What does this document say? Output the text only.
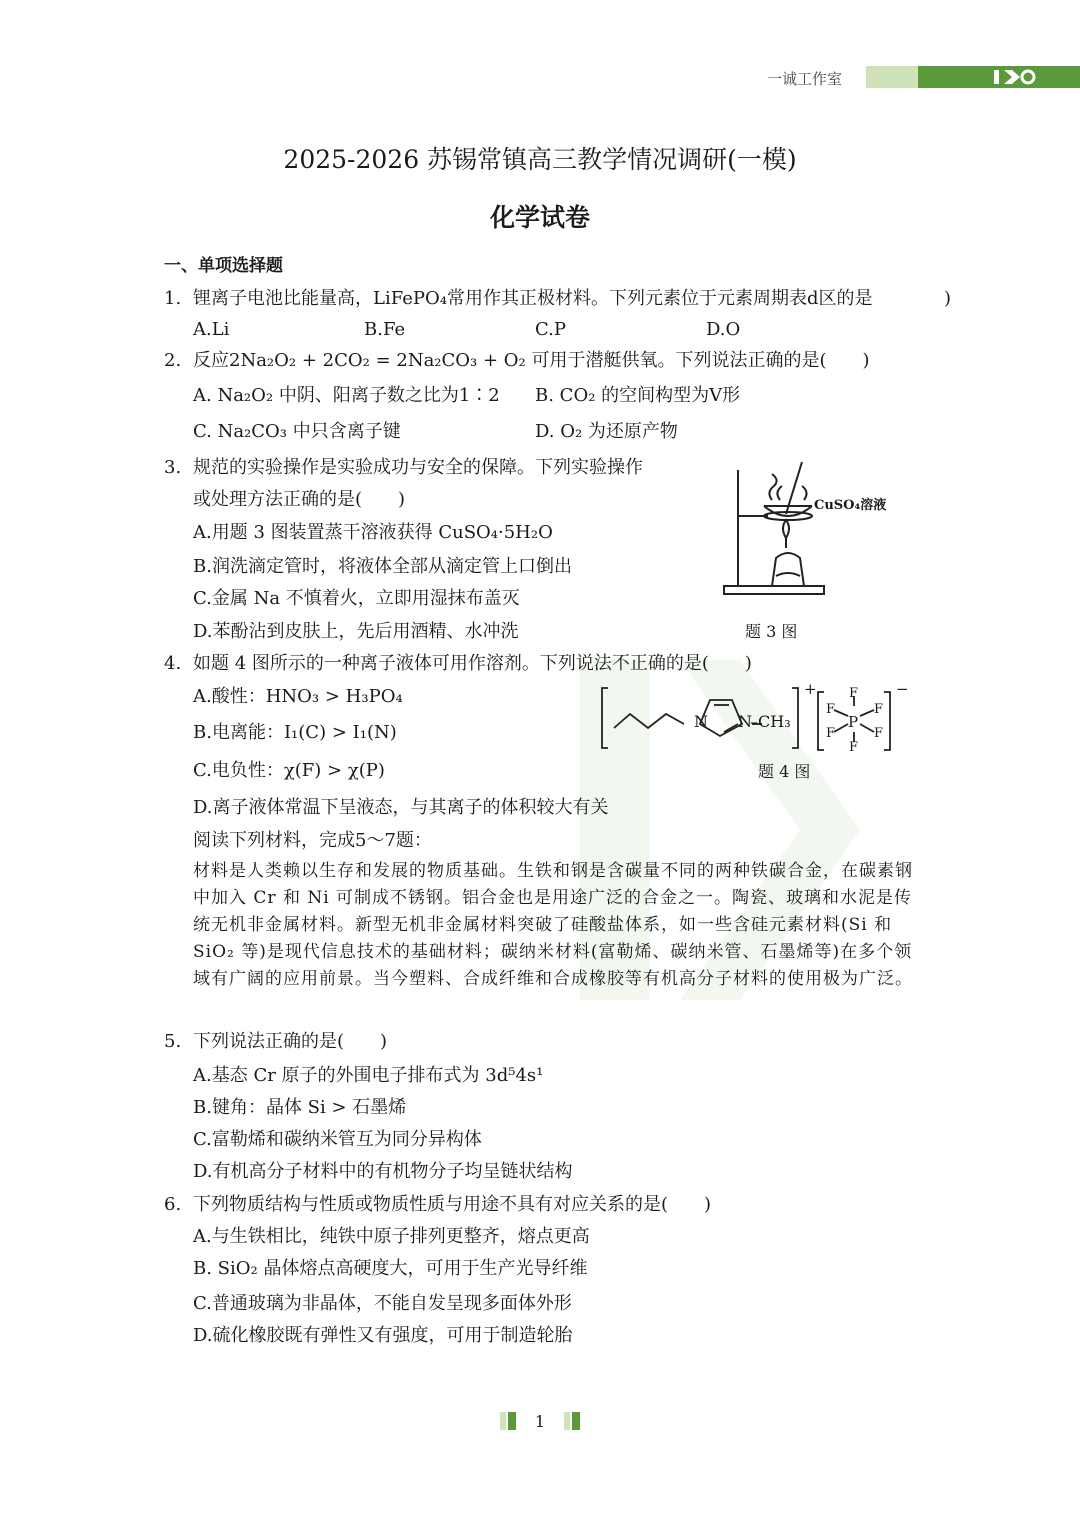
一诚工作室
2025-2026 苏锡常镇高三教学情况调研(一模)
化学试卷
一、单项选择题
1. 锂离子电池比能量高，LiFePO₄常用作其正极材料。下列元素位于元素周期表d区的是	)
A.Li	B.Fe	C.P	D.O
2. 反应2Na₂O₂ + 2CO₂ = 2Na₂CO₃ + O₂ 可用于潜艇供氧。下列说法正确的是(　　)
A. Na₂O₂ 中阴、阳离子数之比为1∶2 B. CO₂ 的空间构型为V形
C. Na₂CO₃ 中只含离子键	D. O₂ 为还原产物
3. 规范的实验操作是实验成功与安全的保障。下列实验操作
或处理方法正确的是(　　)
A.用题 3 图装置蒸干溶液获得 CuSO₄·5H₂O
B.润洗滴定管时，将液体全部从滴定管上口倒出
C.金属 Na 不慎着火，立即用湿抹布盖灭
D.苯酚沾到皮肤上，先后用酒精、水冲洗
CuSO₄溶液
题 3 图
4. 如题 4 图所示的一种离子液体可用作溶剂。下列说法不正确的是(　　)
A.酸性：HNO₃ > H₃PO₄
B.电离能：I₁(C) > I₁(N)
C.电负性：χ(F) > χ(P)
D.离子液体常温下呈液态，与其离子的体积较大有关
N N
–CH₃
+
P
F
F
F
F
F
F
−
题 4 图
阅读下列材料，完成5～7题：
材料是人类赖以生存和发展的物质基础。生铁和钢是含碳量不同的两种铁碳合金，在碳素钢中加入 Cr 和 Ni 可制成不锈钢。铝合金也是用途广泛的合金之一。陶瓷、玻璃和水泥是传统无机非金属材料。新型无机非金属材料突破了硅酸盐体系，如一些含硅元素材料(Si 和 SiO₂ 等)是现代信息技术的基础材料；碳纳米材料(富勒烯、碳纳米管、石墨烯等)在多个领域有广阔的应用前景。当今塑料、合成纤维和合成橡胶等有机高分子材料的使用极为广泛。
5. 下列说法正确的是(　　)
A.基态 Cr 原子的外围电子排布式为 3d⁵4s¹
B.键角：晶体 Si > 石墨烯
C.富勒烯和碳纳米管互为同分异构体
D.有机高分子材料中的有机物分子均呈链状结构
6. 下列物质结构与性质或物质性质与用途不具有对应关系的是(　　)
A.与生铁相比，纯铁中原子排列更整齐，熔点更高
B. SiO₂ 晶体熔点高硬度大，可用于生产光导纤维
C.普通玻璃为非晶体，不能自发呈现多面体外形
D.硫化橡胶既有弹性又有强度，可用于制造轮胎
1
